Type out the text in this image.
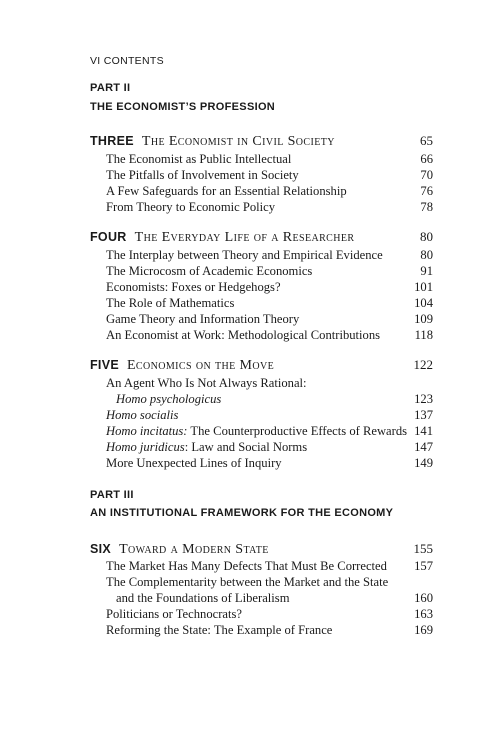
VI CONTENTS
PART II
THE ECONOMIST’S PROFESSION
THREE The Economist in Civil Society	65
The Economist as Public Intellectual	66
The Pitfalls of Involvement in Society	70
A Few Safeguards for an Essential Relationship	76
From Theory to Economic Policy	78
FOUR The Everyday Life of a Researcher	80
The Interplay between Theory and Empirical Evidence	80
The Microcosm of Academic Economics	91
Economists: Foxes or Hedgehogs?	101
The Role of Mathematics	104
Game Theory and Information Theory	109
An Economist at Work: Methodological Contributions	118
FIVE Economics on the Move	122
An Agent Who Is Not Always Rational:
Homo psychologicus	123
Homo socialis	137
Homo incitatus: The Counterproductive Effects of Rewards 141
Homo juridicus: Law and Social Norms	147
More Unexpected Lines of Inquiry	149
PART III
AN INSTITUTIONAL FRAMEWORK FOR THE ECONOMY
SIX Toward a Modern State	155
The Market Has Many Defects That Must Be Corrected 157
The Complementarity between the Market and the State
and the Foundations of Liberalism	160
Politicians or Technocrats?	163
Reforming the State: The Example of France	169
